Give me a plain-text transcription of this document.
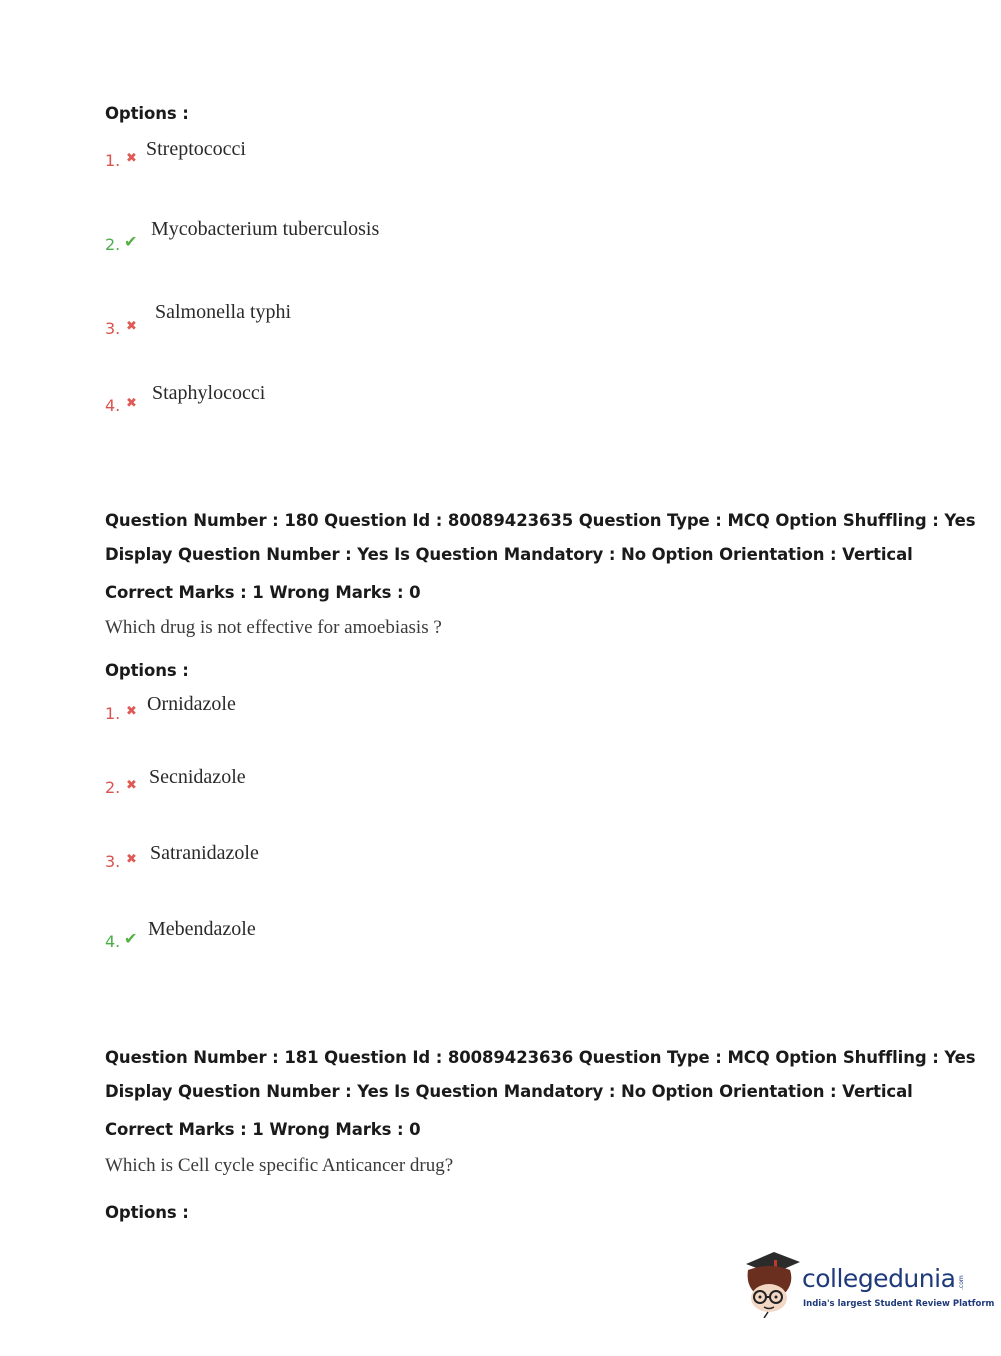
Options :
1. ✖ Streptococci
2. ✔
Mycobacterium tuberculosis
3. ✖
Salmonella typhi
4. ✖ Staphylococci
Question Number : 180 Question Id : 80089423635 Question Type : MCQ Option Shuffling : Yes
Display Question Number : Yes Is Question Mandatory : No Option Orientation : Vertical
Correct Marks : 1 Wrong Marks : 0
Which drug is not effective for amoebiasis ?
Options :
1. ✖ Ornidazole
2. ✖ Secnidazole
3. ✖ Satranidazole
4. ✔ Mebendazole
Question Number : 181 Question Id : 80089423636 Question Type : MCQ Option Shuffling : Yes
Display Question Number : Yes Is Question Mandatory : No Option Orientation : Vertical
Correct Marks : 1 Wrong Marks : 0
Which is Cell cycle specific Anticancer drug?
Options :
collegedunia .com
India's largest Student Review Platform
